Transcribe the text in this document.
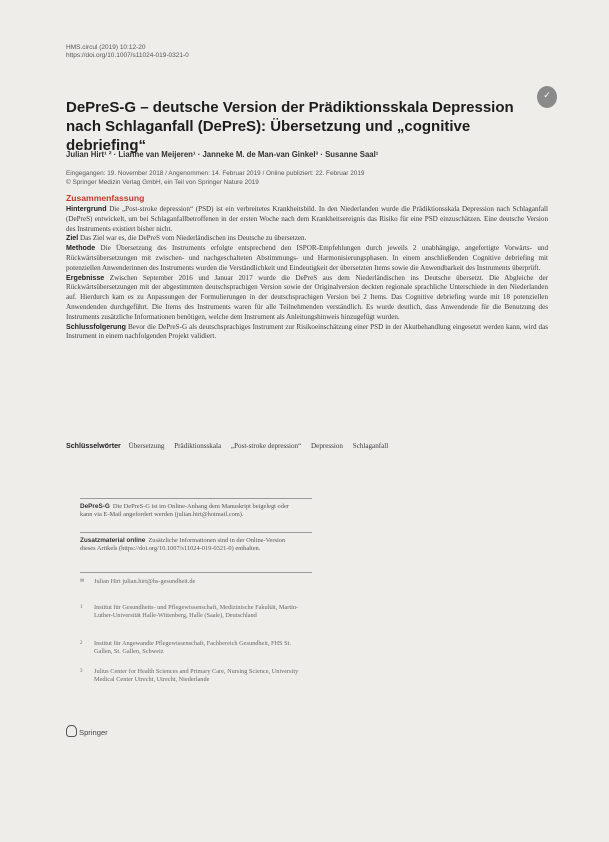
HMS.circul (2019) 10:12-20
https://doi.org/10.1007/s11024-019-0321-0
✓
DePreS-G – deutsche Version der Prädiktionsskala Depression nach Schlaganfall (DePreS): Übersetzung und „cognitive debriefing“
Julian Hirt¹ ² · Lianne van Meijeren¹ · Janneke M. de Man-van Ginkel³ · Susanne Saal¹
Eingegangen: 19. November 2018 / Angenommen: 14. Februar 2019 / Online publiziert: 22. Februar 2019
© Springer Medizin Verlag GmbH, ein Teil von Springer Nature 2019
Zusammenfassung

Hintergrund Die „Post-stroke depression“ (PSD) ist ein verbreitetes Krankheitsbild. In den Niederlanden wurde die Prädiktionsskala Depression nach Schlaganfall (DePreS) entwickelt, um bei Schlaganfallbetroffenen in der ersten Woche nach dem Krankheitsereignis das Risiko für eine PSD einzuschätzen. Eine deutsche Version des Instruments existiert bisher nicht.

Ziel Das Ziel war es, die DePreS vom Niederländischen ins Deutsche zu übersetzen.

Methode Die Übersetzung des Instruments erfolgte entsprechend den ISPOR-Empfehlungen durch jeweils 2 unabhängige, angefertigte Vorwärts- und Rückwärtsübersetzungen mit zwischen- und nachgeschalteten Abstimmungs- und Harmonisierungsphasen. In einem anschließenden Cognitive debriefing mit potenziellen Anwenderinnen des Instruments wurden die Verständlichkeit und Eindeutigkeit der übersetzten Items sowie die Anwendbarkeit des Instruments überprüft.

Ergebnisse Zwischen September 2016 und Januar 2017 wurde die DePreS aus dem Niederländischen ins Deutsche übersetzt. Die Abgleiche der Rückwärtsübersetzungen mit der abgestimmten deutschsprachigen Version sowie der Originalversion deckten regionale sprachliche Unterschiede in den Niederlanden auf. Hierdurch kam es zu Anpassungen der Formulierungen in der deutschsprachigen Version bei 2 Items. Das Cognitive debriefing wurde mit 18 potenziellen Anwendenden durchgeführt. Die Items des Instruments waren für alle Teilnehmenden verständlich. Es wurde deutlich, dass Anwendende für die Benutzung des Instruments zusätzliche Informationen benötigen, welche dem Instrument als Anleitungshinweis hinzugefügt wurden.

Schlussfolgerung Bevor die DePreS-G als deutschsprachiges Instrument zur Risikoeinschätzung einer PSD in der Akutbehandlung eingesetzt werden kann, wird das Instrument in einem nachfolgenden Projekt validiert.

Schlüsselwörter Übersetzung Prädiktionsskala „Post-stroke depression“ Depression Schlaganfall
DePreS-G Die DePreS-G ist im Online-Anhang dem Manuskript beigelegt oder kann via E-Mail angefordert werden (julian.hirt@hotmail.com).
Zusatzmaterial online Zusätzliche Informationen sind in der Online-Version dieses Artikels (https://doi.org/10.1007/s11024-019-0321-0) enthalten.
✉ Julian Hirt julian.hirt@hs-gesundheit.de
1 Institut für Gesundheits- und Pflegewissenschaft, Medizinische Fakultät, Martin-Luther-Universität Halle-Wittenberg, Halle (Saale), Deutschland
2 Institut für Angewandte Pflegewissenschaft, Fachbereich Gesundheit, FHS St. Gallen, St. Gallen, Schweiz
3 Julius Center for Health Sciences and Primary Care, Nursing Science, University Medical Center Utrecht, Utrecht, Niederlande
Springer
